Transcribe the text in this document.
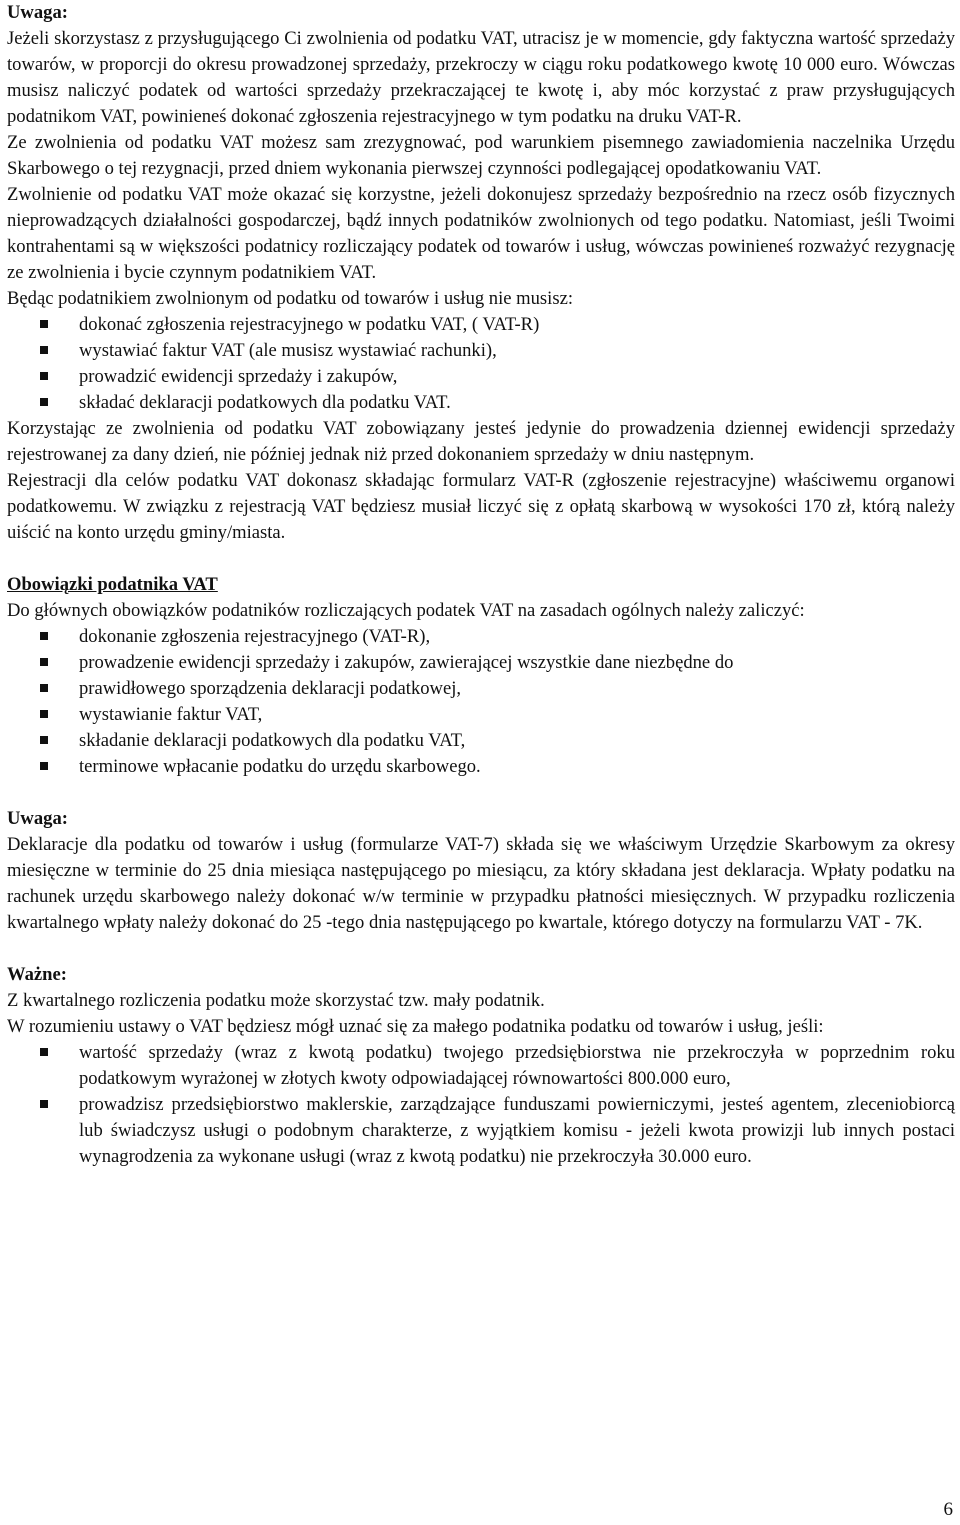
Uwaga:

Jeżeli skorzystasz z przysługującego Ci zwolnienia od podatku VAT, utracisz je w momencie, gdy faktyczna wartość sprzedaży towarów, w proporcji do okresu prowadzonej sprzedaży, przekroczy w ciągu roku podatkowego kwotę 10 000 euro. Wówczas musisz naliczyć podatek od wartości sprzedaży przekraczającej te kwotę i, aby móc korzystać z praw przysługujących podatnikom VAT, powinieneś dokonać zgłoszenia rejestracyjnego w tym podatku na druku VAT-R.

Ze zwolnienia od podatku VAT możesz sam zrezygnować, pod warunkiem pisemnego zawiadomienia naczelnika Urzędu Skarbowego o tej rezygnacji, przed dniem wykonania pierwszej czynności podlegającej opodatkowaniu VAT.

Zwolnienie od podatku VAT może okazać się korzystne, jeżeli dokonujesz sprzedaży bezpośrednio na rzecz osób fizycznych nieprowadzących działalności gospodarczej, bądź innych podatników zwolnionych od tego podatku. Natomiast, jeśli Twoimi kontrahentami są w większości podatnicy rozliczający podatek od towarów i usług, wówczas powinieneś rozważyć rezygnację ze zwolnienia i bycie czynnym podatnikiem VAT.

Będąc podatnikiem zwolnionym od podatku od towarów i usług nie musisz:

dokonać zgłoszenia rejestracyjnego w podatku VAT, ( VAT-R)
wystawiać faktur VAT (ale musisz wystawiać rachunki),
prowadzić ewidencji sprzedaży i zakupów,
składać deklaracji podatkowych dla podatku VAT.

Korzystając ze zwolnienia od podatku VAT zobowiązany jesteś jedynie do prowadzenia dziennej ewidencji sprzedaży rejestrowanej za dany dzień, nie później jednak niż przed dokonaniem sprzedaży w dniu następnym.

Rejestracji dla celów podatku VAT dokonasz składając formularz VAT-R (zgłoszenie rejestracyjne) właściwemu organowi podatkowemu. W związku z rejestracją VAT będziesz musiał liczyć się z opłatą skarbową w wysokości 170 zł, którą należy uiścić na konto urzędu gminy/miasta.

Obowiązki podatnika VAT

Do głównych obowiązków podatników rozliczających podatek VAT na zasadach ogólnych należy zaliczyć:

dokonanie zgłoszenia rejestracyjnego (VAT-R),
prowadzenie ewidencji sprzedaży i zakupów, zawierającej wszystkie dane niezbędne do
prawidłowego sporządzenia deklaracji podatkowej,
wystawianie faktur VAT,
składanie deklaracji podatkowych dla podatku VAT,
terminowe wpłacanie podatku do urzędu skarbowego.

Uwaga:

Deklaracje dla podatku od towarów i usług (formularze VAT-7) składa się we właściwym Urzędzie Skarbowym za okresy miesięczne w terminie do 25 dnia miesiąca następującego po miesiącu, za który składana jest deklaracja. Wpłaty podatku na rachunek urzędu skarbowego należy dokonać w/w terminie w przypadku płatności miesięcznych. W przypadku rozliczenia kwartalnego wpłaty należy dokonać do 25 -tego dnia następującego po kwartale, którego dotyczy na formularzu VAT - 7K.

Ważne:

Z kwartalnego rozliczenia podatku może skorzystać tzw. mały podatnik.

W rozumieniu ustawy o VAT będziesz mógł uznać się za małego podatnika podatku od towarów i usług, jeśli:

wartość sprzedaży (wraz z kwotą podatku) twojego przedsiębiorstwa nie przekroczyła w poprzednim roku podatkowym wyrażonej w złotych kwoty odpowiadającej równowartości 800.000 euro,
prowadzisz przedsiębiorstwo maklerskie, zarządzające funduszami powierniczymi, jesteś agentem, zleceniobiorcą lub świadczysz usługi o podobnym charakterze, z wyjątkiem komisu - jeżeli kwota prowizji lub innych postaci wynagrodzenia za wykonane usługi (wraz z kwotą podatku) nie przekroczyła 30.000 euro.
6
